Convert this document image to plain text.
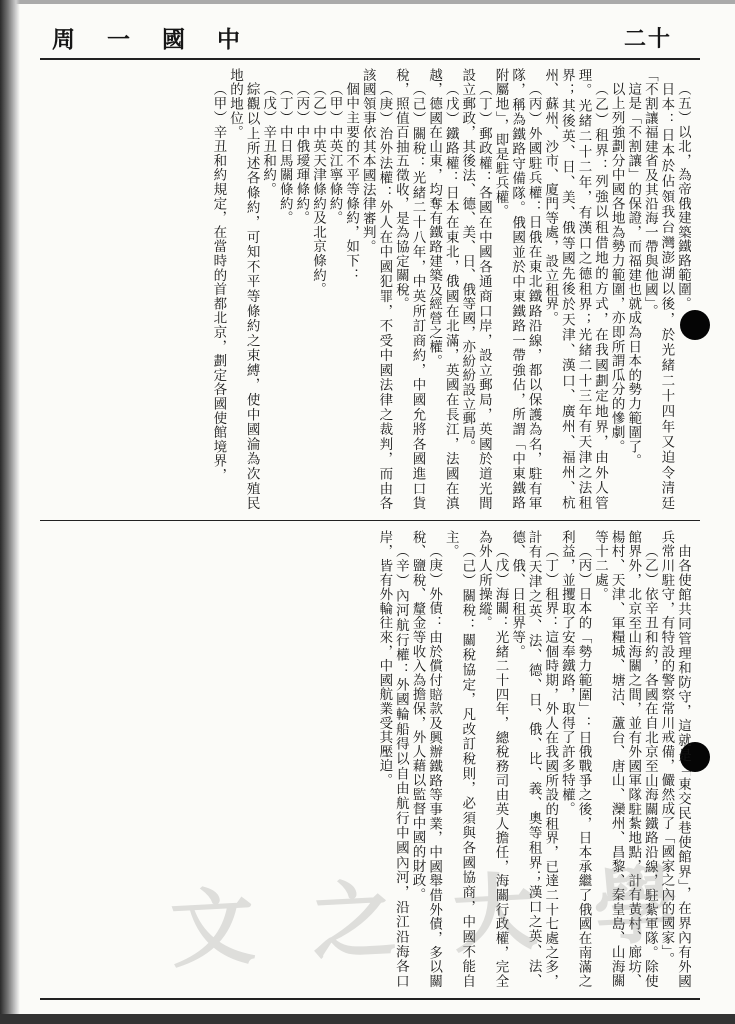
周 一 國 中	二十
（五）以北，為帝俄建築鐵路範圍。
日本：日本於佔領我台灣澎湖以後，於光緒二十四年又迫令清廷「不割讓福建省及其沿海一帶與他國」。
這是「不割讓」的保證，而福建也就成為日本的勢力範圍了。
以上列強劃分中國各地為勢力範圍，亦即所謂瓜分的慘劇。
（乙）租界：列強以租借地的方式，在我國劃定地界，由外人管理。光緒二十二年，有漢口之德租界；光緒二十三年有天津之法租界；其後英、日、美、俄等國先後於天津、漢口、廣州、福州、杭州、蘇州、沙市、廈門等處，設立租界。
（丙）外國駐兵權：日俄在東北鐵路沿線，都以保護為名，駐有軍隊，稱為鐵路守備隊。俄國並於中東鐵路一帶強佔，所謂「中東鐵路附屬地」，即是駐兵權。
（丁）郵政權：各國在中國各通商口岸，設立郵局，英國於道光間設立郵政，其後法、德、美、日、俄等國，亦紛紛設立郵局。
（戊）鐵路權：日本在東北，俄國在北滿，英國在長江，法國在滇越，德國在山東，均奪有鐵路建築及經營之權。
（己）關稅：光緒二十八年，中英所訂商約，中國允將各國進口貨稅，照值百抽五徵收，是為協定關稅。
（庚）治外法權：外人在中國犯罪，不受中國法律之裁判，而由各該國領事依其本國法律審判。
個中主要的不平等條約，如下：
（甲）中英江寧條約。
（乙）中英天津條約及北京條約。
（丙）中俄璦琿條約。
（丁）中日馬關條約。
（戊）辛丑和約。
綜觀以上所述各條約，可知不平等條約之束縛，使中國淪為次殖民地的地位。
（甲）辛丑和約規定，在當時的首都北京，劃定各國使館境界，
由各使館共同管理和防守，這就是「東交民巷使館界」，在界內有外國兵常川駐守，有特設的警察常川戒備，儼然成了「國家之內的國家」。
（乙）依辛丑和約，各國在自北京至山海關鐵路沿線，駐紮軍隊。除使館界外，北京至山海關之間，並有外國軍隊駐紮地點，計有黃村、廊坊、楊村、天津、軍糧城、塘沽、蘆台、唐山、灤州、昌黎、秦皇島、山海關等十二處。
（丙）日本的「勢力範圍」：日俄戰爭之後，日本承繼了俄國在南滿之利益，並攫取了安奉鐵路，取得了許多特權。
（丁）租界：這個時期，外人在我國所設的租界，已達二十七處之多，計有天津之英、法、德、日、俄、比、義、奧等租界；漢口之英、法、德、俄、日租界等。
（戊）海關：光緒二十四年，總稅務司由英人擔任，海關行政權，完全為外人所操縱。
（己）關稅：關稅協定，凡改訂稅則，必須與各國協商，中國不能自主。
（庚）外債：由於償付賠款及興辦鐵路等事業，中國舉借外債，多以關稅、鹽稅、釐金等收入為擔保，外人藉以監督中國的財政。
（辛）內河航行權：外國輪船得以自由航行中國內河，沿江沿海各口岸，皆有外輪往來，中國航業受其壓迫。
文 之 大 學
